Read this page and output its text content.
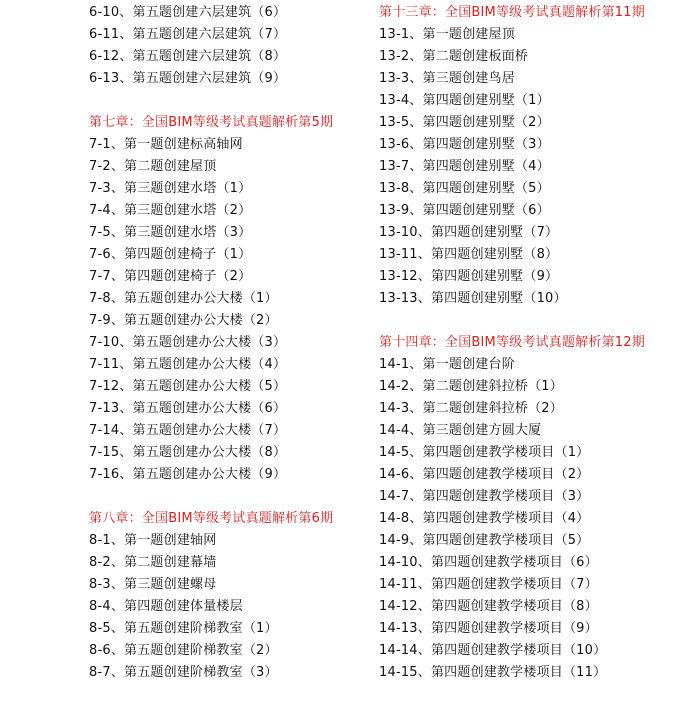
6-10、第五题创建六层建筑（6）
6-11、第五题创建六层建筑（7）
6-12、第五题创建六层建筑（8）
6-13、第五题创建六层建筑（9）
第七章：全国BIM等级考试真题解析第5期
7-1、第一题创建标高轴网
7-2、第二题创建屋顶
7-3、第三题创建水塔（1）
7-4、第三题创建水塔（2）
7-5、第三题创建水塔（3）
7-6、第四题创建椅子（1）
7-7、第四题创建椅子（2）
7-8、第五题创建办公大楼（1）
7-9、第五题创建办公大楼（2）
7-10、第五题创建办公大楼（3）
7-11、第五题创建办公大楼（4）
7-12、第五题创建办公大楼（5）
7-13、第五题创建办公大楼（6）
7-14、第五题创建办公大楼（7）
7-15、第五题创建办公大楼（8）
7-16、第五题创建办公大楼（9）
第八章：全国BIM等级考试真题解析第6期
8-1、第一题创建轴网
8-2、第二题创建幕墙
8-3、第三题创建螺母
8-4、第四题创建体量楼层
8-5、第五题创建阶梯教室（1）
8-6、第五题创建阶梯教室（2）
8-7、第五题创建阶梯教室（3）
第十三章：全国BIM等级考试真题解析第11期
13-1、第一题创建屋顶
13-2、第二题创建板面桥
13-3、第三题创建鸟居
13-4、第四题创建别墅（1）
13-5、第四题创建别墅（2）
13-6、第四题创建别墅（3）
13-7、第四题创建别墅（4）
13-8、第四题创建别墅（5）
13-9、第四题创建别墅（6）
13-10、第四题创建别墅（7）
13-11、第四题创建别墅（8）
13-12、第四题创建别墅（9）
13-13、第四题创建别墅（10）
第十四章：全国BIM等级考试真题解析第12期
14-1、第一题创建台阶
14-2、第二题创建斜拉桥（1）
14-3、第二题创建斜拉桥（2）
14-4、第三题创建方圆大厦
14-5、第四题创建教学楼项目（1）
14-6、第四题创建教学楼项目（2）
14-7、第四题创建教学楼项目（3）
14-8、第四题创建教学楼项目（4）
14-9、第四题创建教学楼项目（5）
14-10、第四题创建教学楼项目（6）
14-11、第四题创建教学楼项目（7）
14-12、第四题创建教学楼项目（8）
14-13、第四题创建教学楼项目（9）
14-14、第四题创建教学楼项目（10）
14-15、第四题创建教学楼项目（11）
